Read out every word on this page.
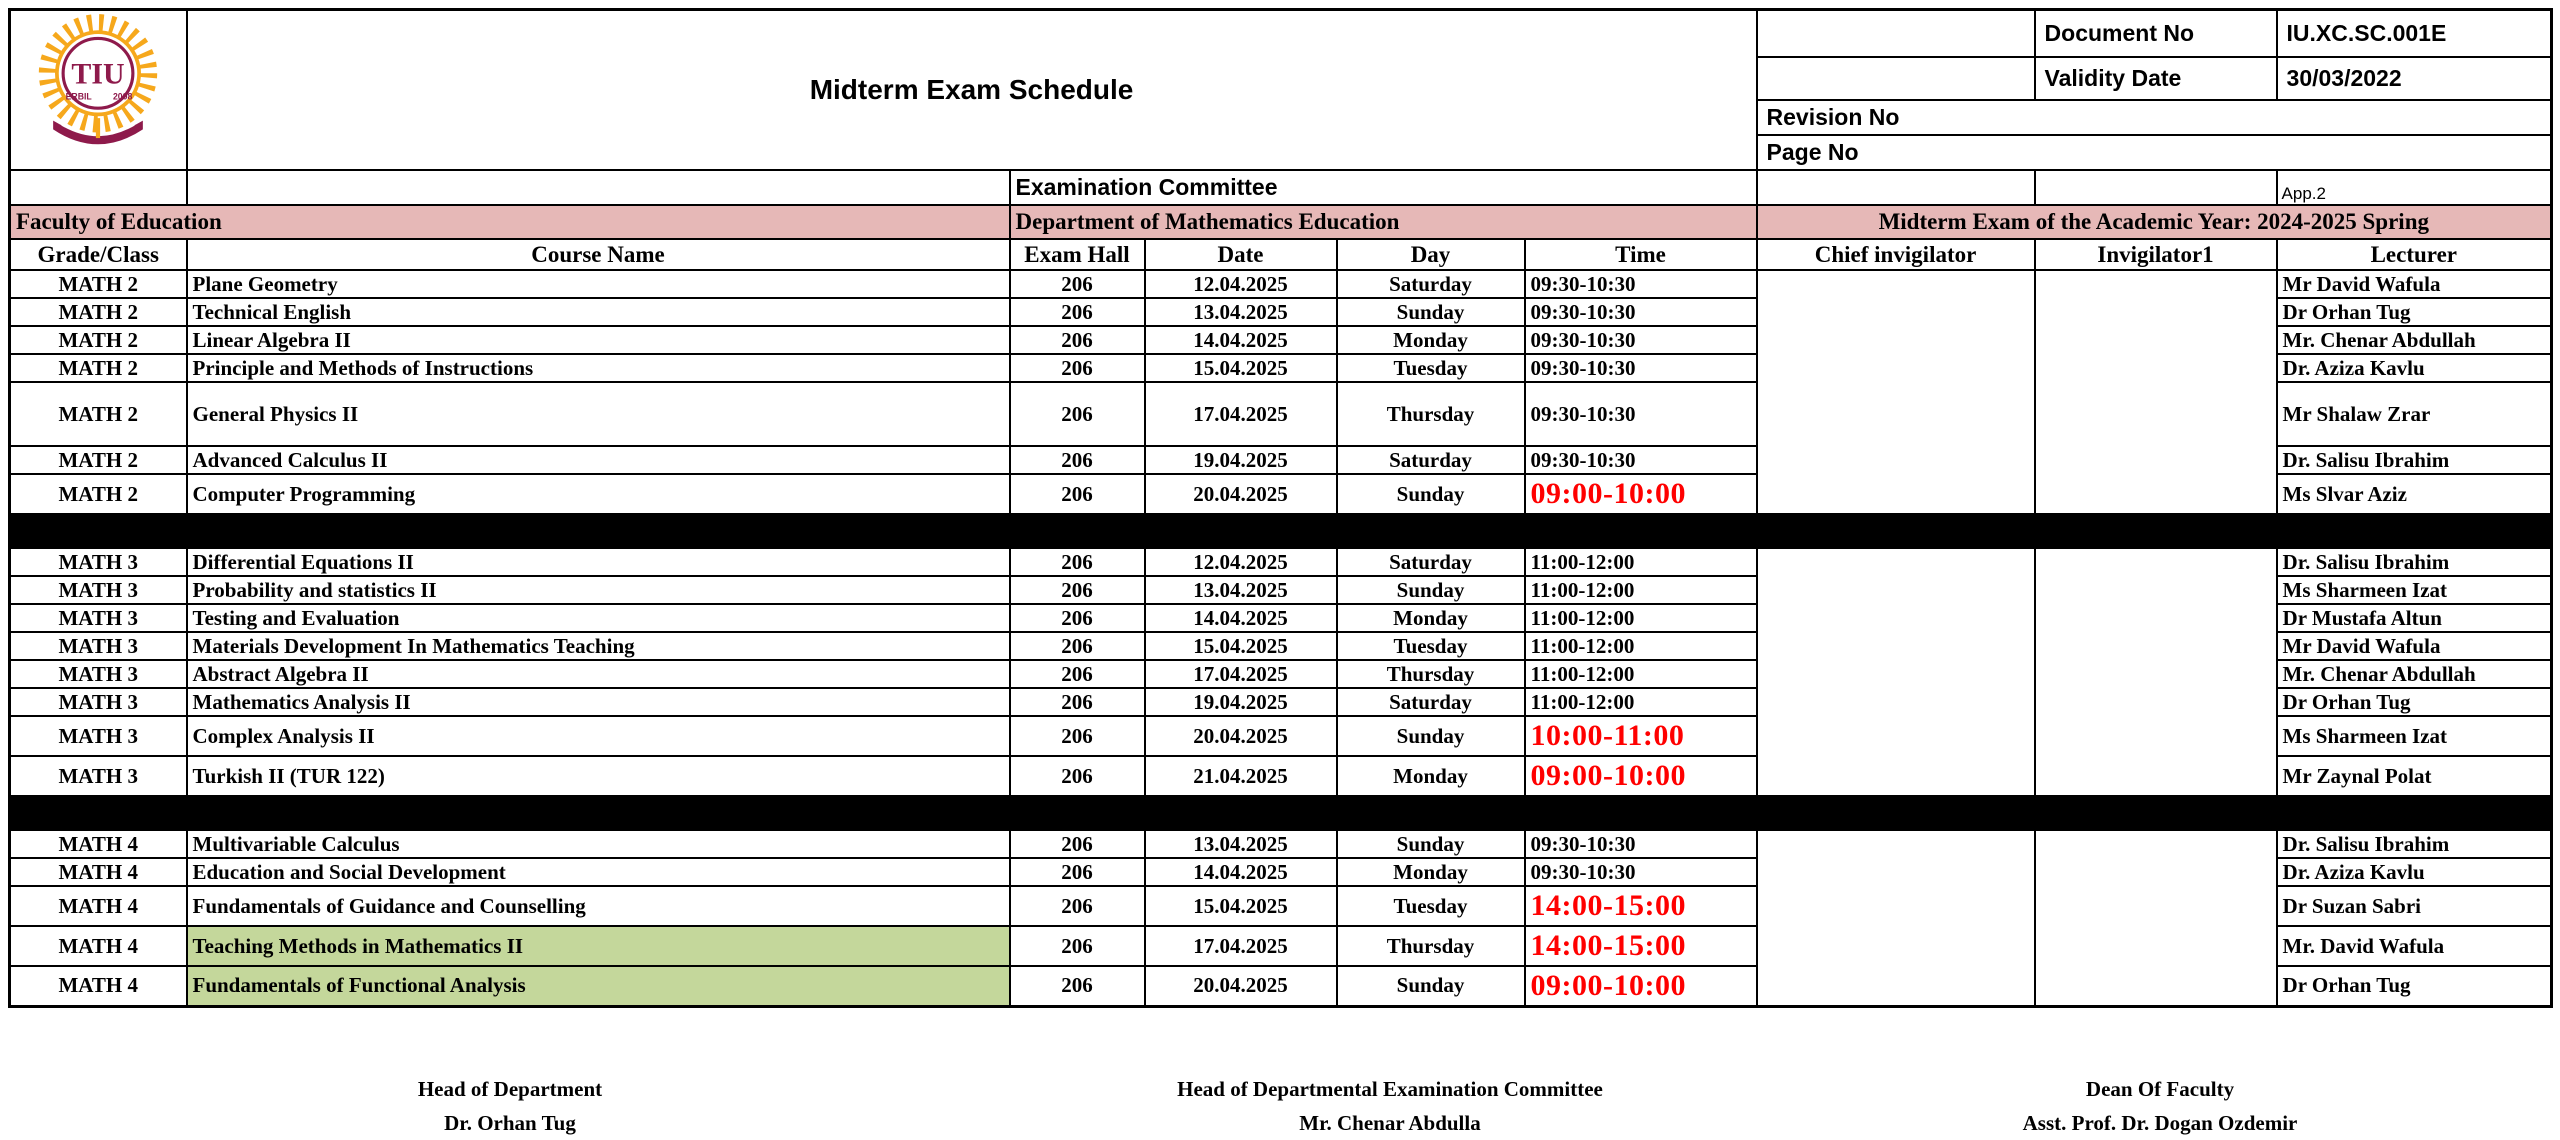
TIU
ERBIL 2008	Midterm Exam Schedule						Document No	IU.XC.SC.001E
							Validity Date	30/03/2022
						Revision No		
						Page No		
		Examination Committee						App.2
Faculty of Education		Department of Mathematics Education				Midterm Exam of the Academic Year: 2024-2025 Spring		
Grade/Class	Course Name	Exam Hall	Date	Day	Time	Chief invigilator	Invigilator1	Lecturer
MATH 2	Plane Geometry	206	12.04.2025	Saturday	09:30-10:30			Mr David Wafula
MATH 2	Technical English	206	13.04.2025	Sunday	09:30-10:30			Dr Orhan Tug
MATH 2	Linear Algebra II	206	14.04.2025	Monday	09:30-10:30			Mr. Chenar Abdullah
MATH 2	Principle and Methods of Instructions	206	15.04.2025	Tuesday	09:30-10:30			Dr. Aziza Kavlu
MATH 2	General Physics II	206	17.04.2025	Thursday	09:30-10:30			Mr Shalaw Zrar
MATH 2	Advanced Calculus II	206	19.04.2025	Saturday	09:30-10:30			Dr. Salisu Ibrahim
MATH 2	Computer Programming	206	20.04.2025	Sunday	09:00-10:00			Ms Slvar Aziz

MATH 3	Differential Equations II	206	12.04.2025	Saturday	11:00-12:00			Dr. Salisu Ibrahim
MATH 3	Probability and statistics II	206	13.04.2025	Sunday	11:00-12:00			Ms Sharmeen Izat
MATH 3	Testing and Evaluation	206	14.04.2025	Monday	11:00-12:00			Dr Mustafa Altun
MATH 3	Materials Development In Mathematics Teaching	206	15.04.2025	Tuesday	11:00-12:00			Mr David Wafula
MATH 3	Abstract Algebra II	206	17.04.2025	Thursday	11:00-12:00			Mr. Chenar Abdullah
MATH 3	Mathematics Analysis II	206	19.04.2025	Saturday	11:00-12:00			Dr Orhan Tug
MATH 3	Complex Analysis II	206	20.04.2025	Sunday	10:00-11:00			Ms Sharmeen Izat
MATH 3	Turkish II (TUR 122)	206	21.04.2025	Monday	09:00-10:00			Mr Zaynal Polat

MATH 4	Multivariable Calculus	206	13.04.2025	Sunday	09:30-10:30			Dr. Salisu Ibrahim
MATH 4	Education and Social Development	206	14.04.2025	Monday	09:30-10:30			Dr. Aziza Kavlu
MATH 4	Fundamentals of Guidance and Counselling	206	15.04.2025	Tuesday	14:00-15:00			Dr Suzan Sabri
MATH 4	Teaching Methods in Mathematics II	206	17.04.2025	Thursday	14:00-15:00			Mr. David Wafula
MATH 4	Fundamentals of Functional Analysis	206	20.04.2025	Sunday	09:00-10:00			Dr Orhan Tug
Head of Department
Dr. Orhan Tug
Head of Departmental Examination Committee
Mr. Chenar Abdulla
Dean Of Faculty
Asst. Prof. Dr. Dogan Ozdemir
